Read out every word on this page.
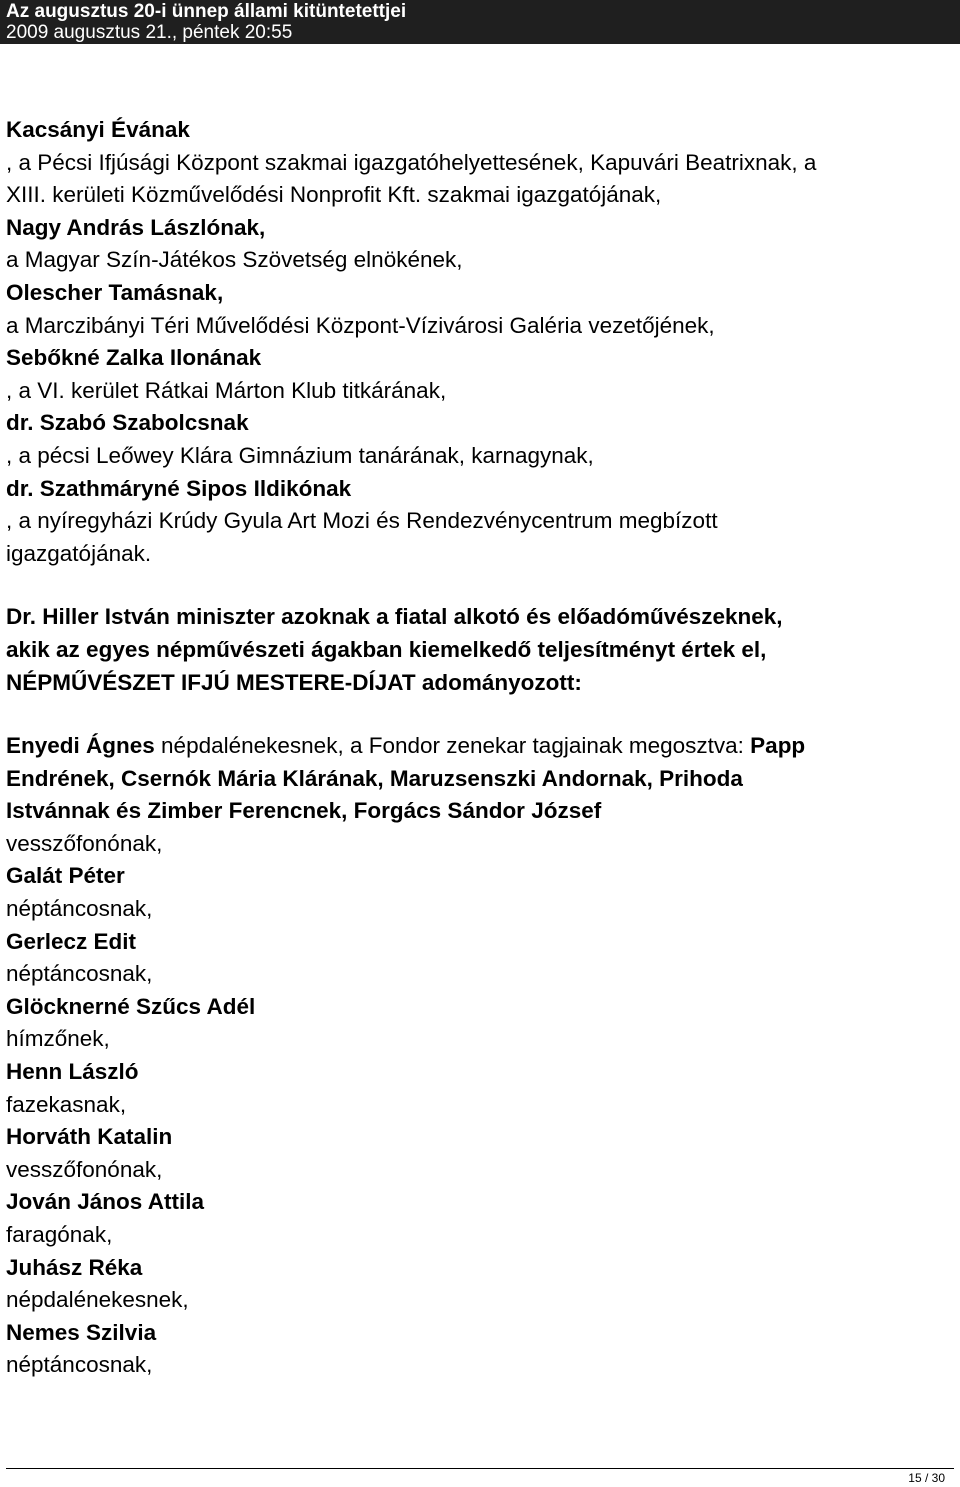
Az augusztus 20-i ünnep állami kitüntetettjei
2009 augusztus 21., péntek 20:55

Kacsányi Évának

, a Pécsi Ifjúsági Központ szakmai igazgatóhelyettesének, Kapuvári Beatrixnak, a

XIII. kerületi Közművelődési Nonprofit Kft. szakmai igazgatójának,

Nagy András Lászlónak,

a Magyar Szín-Játékos Szövetség elnökének,

Olescher Tamásnak,

a Marczibányi Téri Művelődési Központ-Vízivárosi Galéria vezetőjének,

Sebőkné Zalka Ilonának

, a VI. kerület Rátkai Márton Klub titkárának,

dr. Szabó Szabolcsnak

, a pécsi Leőwey Klára Gimnázium tanárának, karnagynak,

dr. Szathmáryné Sipos Ildikónak

, a nyíregyházi Krúdy Gyula Art Mozi és Rendezvénycentrum megbízott

igazgatójának.

Dr. Hiller István miniszter azoknak a fiatal alkotó és előadóművészeknek,

akik az egyes népművészeti ágakban kiemelkedő teljesítményt értek el,

NÉPMŰVÉSZET IFJÚ MESTERE-DÍJAT adományozott:

Enyedi Ágnes népdalénekesnek, a Fondor zenekar tagjainak megosztva: Papp

Endrének, Csernók Mária Klárának, Maruzsenszki Andornak, Prihoda

Istvánnak és Zimber Ferencnek, Forgács Sándor József

vesszőfonónak,

Galát Péter

néptáncosnak,

Gerlecz Edit

néptáncosnak,

Glöcknerné Szűcs Adél

hímzőnek,

Henn László

fazekasnak,

Horváth Katalin

vesszőfonónak,

Jován János Attila

faragónak,

Juhász Réka

népdalénekesnek,

Nemes Szilvia

néptáncosnak,

15 / 30
